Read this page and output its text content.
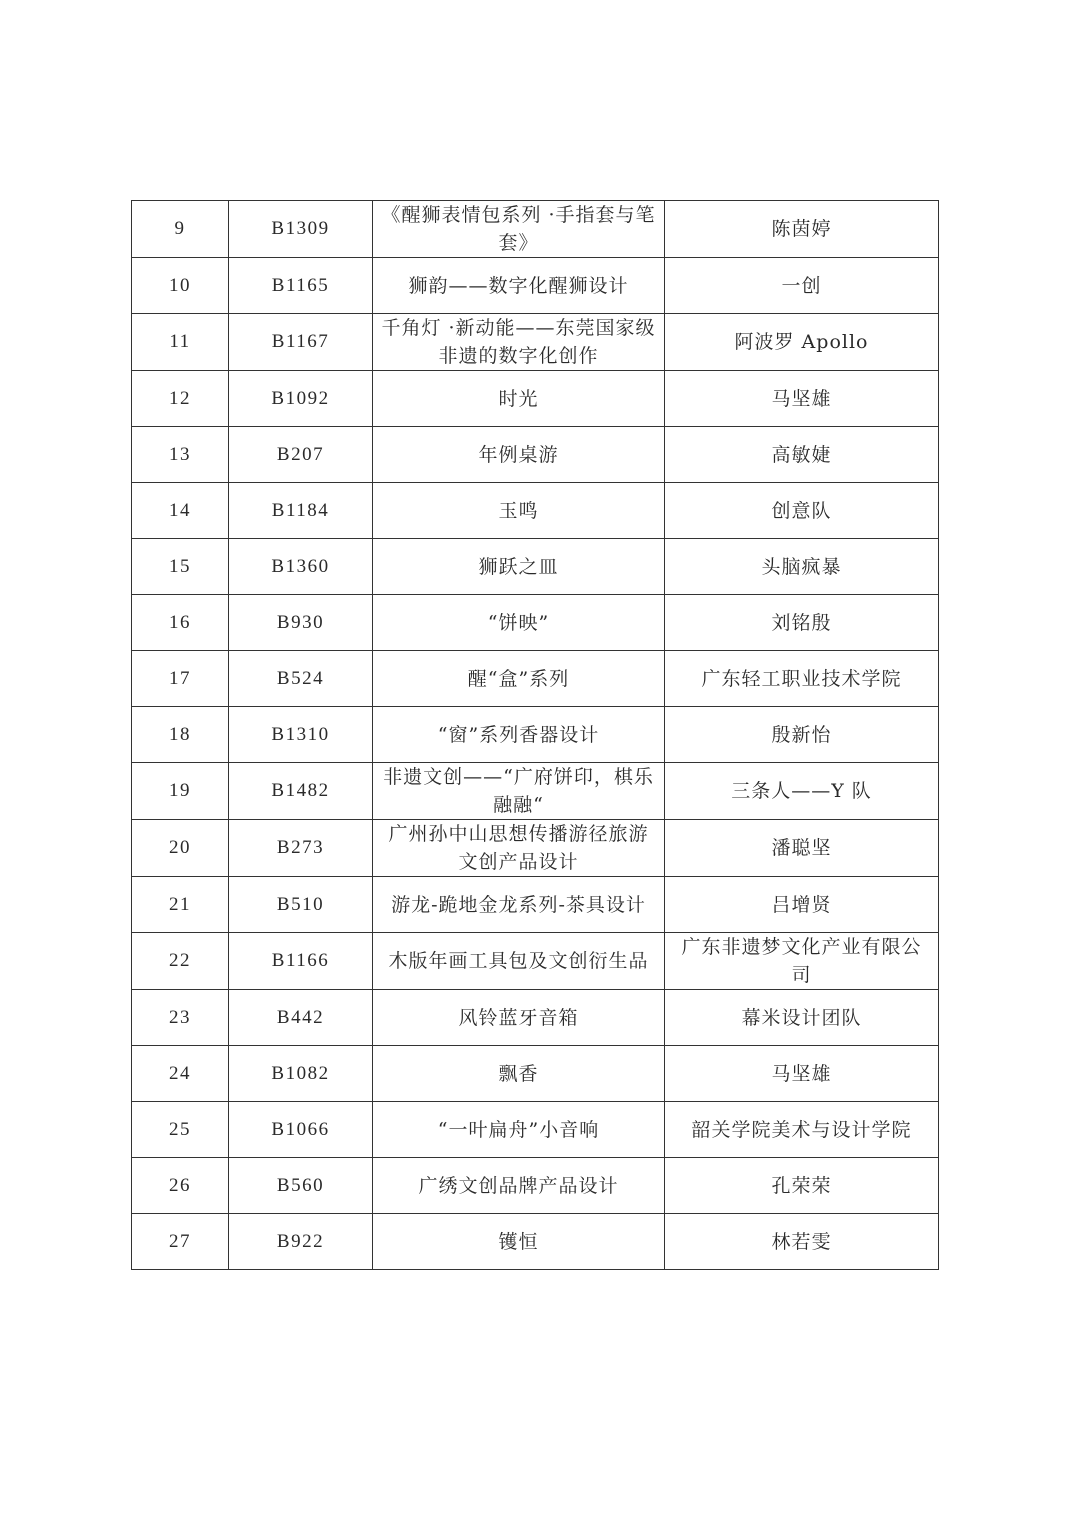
9	B1309	《醒狮表情包系列 ·手指套与笔套》	陈茵婷
10	B1165	狮韵——数字化醒狮设计	一创
11	B1167	千角灯 ·新动能——东莞国家级非遗的数字化创作	阿波罗 Apollo
12	B1092	时光	马坚雄
13	B207	年例桌游	高敏婕
14	B1184	玉鸣	创意队
15	B1360	狮跃之皿	头脑疯暴
16	B930	“饼映”	刘铭殷
17	B524	醒“盒”系列	广东轻工职业技术学院
18	B1310	“窗”系列香器设计	殷新怡
19	B1482	非遗文创——“广府饼印，棋乐融融“	三条人——Y 队
20	B273	广州孙中山思想传播游径旅游文创产品设计	潘聪坚
21	B510	游龙-跪地金龙系列-茶具设计	吕增贤
22	B1166	木版年画工具包及文创衍生品	广东非遗梦文化产业有限公司
23	B442	风铃蓝牙音箱	幕米设计团队
24	B1082	飘香	马坚雄
25	B1066	“一叶扁舟”小音响	韶关学院美术与设计学院
26	B560	广绣文创品牌产品设计	孔荣荣
27	B922	镬恒	林若雯
